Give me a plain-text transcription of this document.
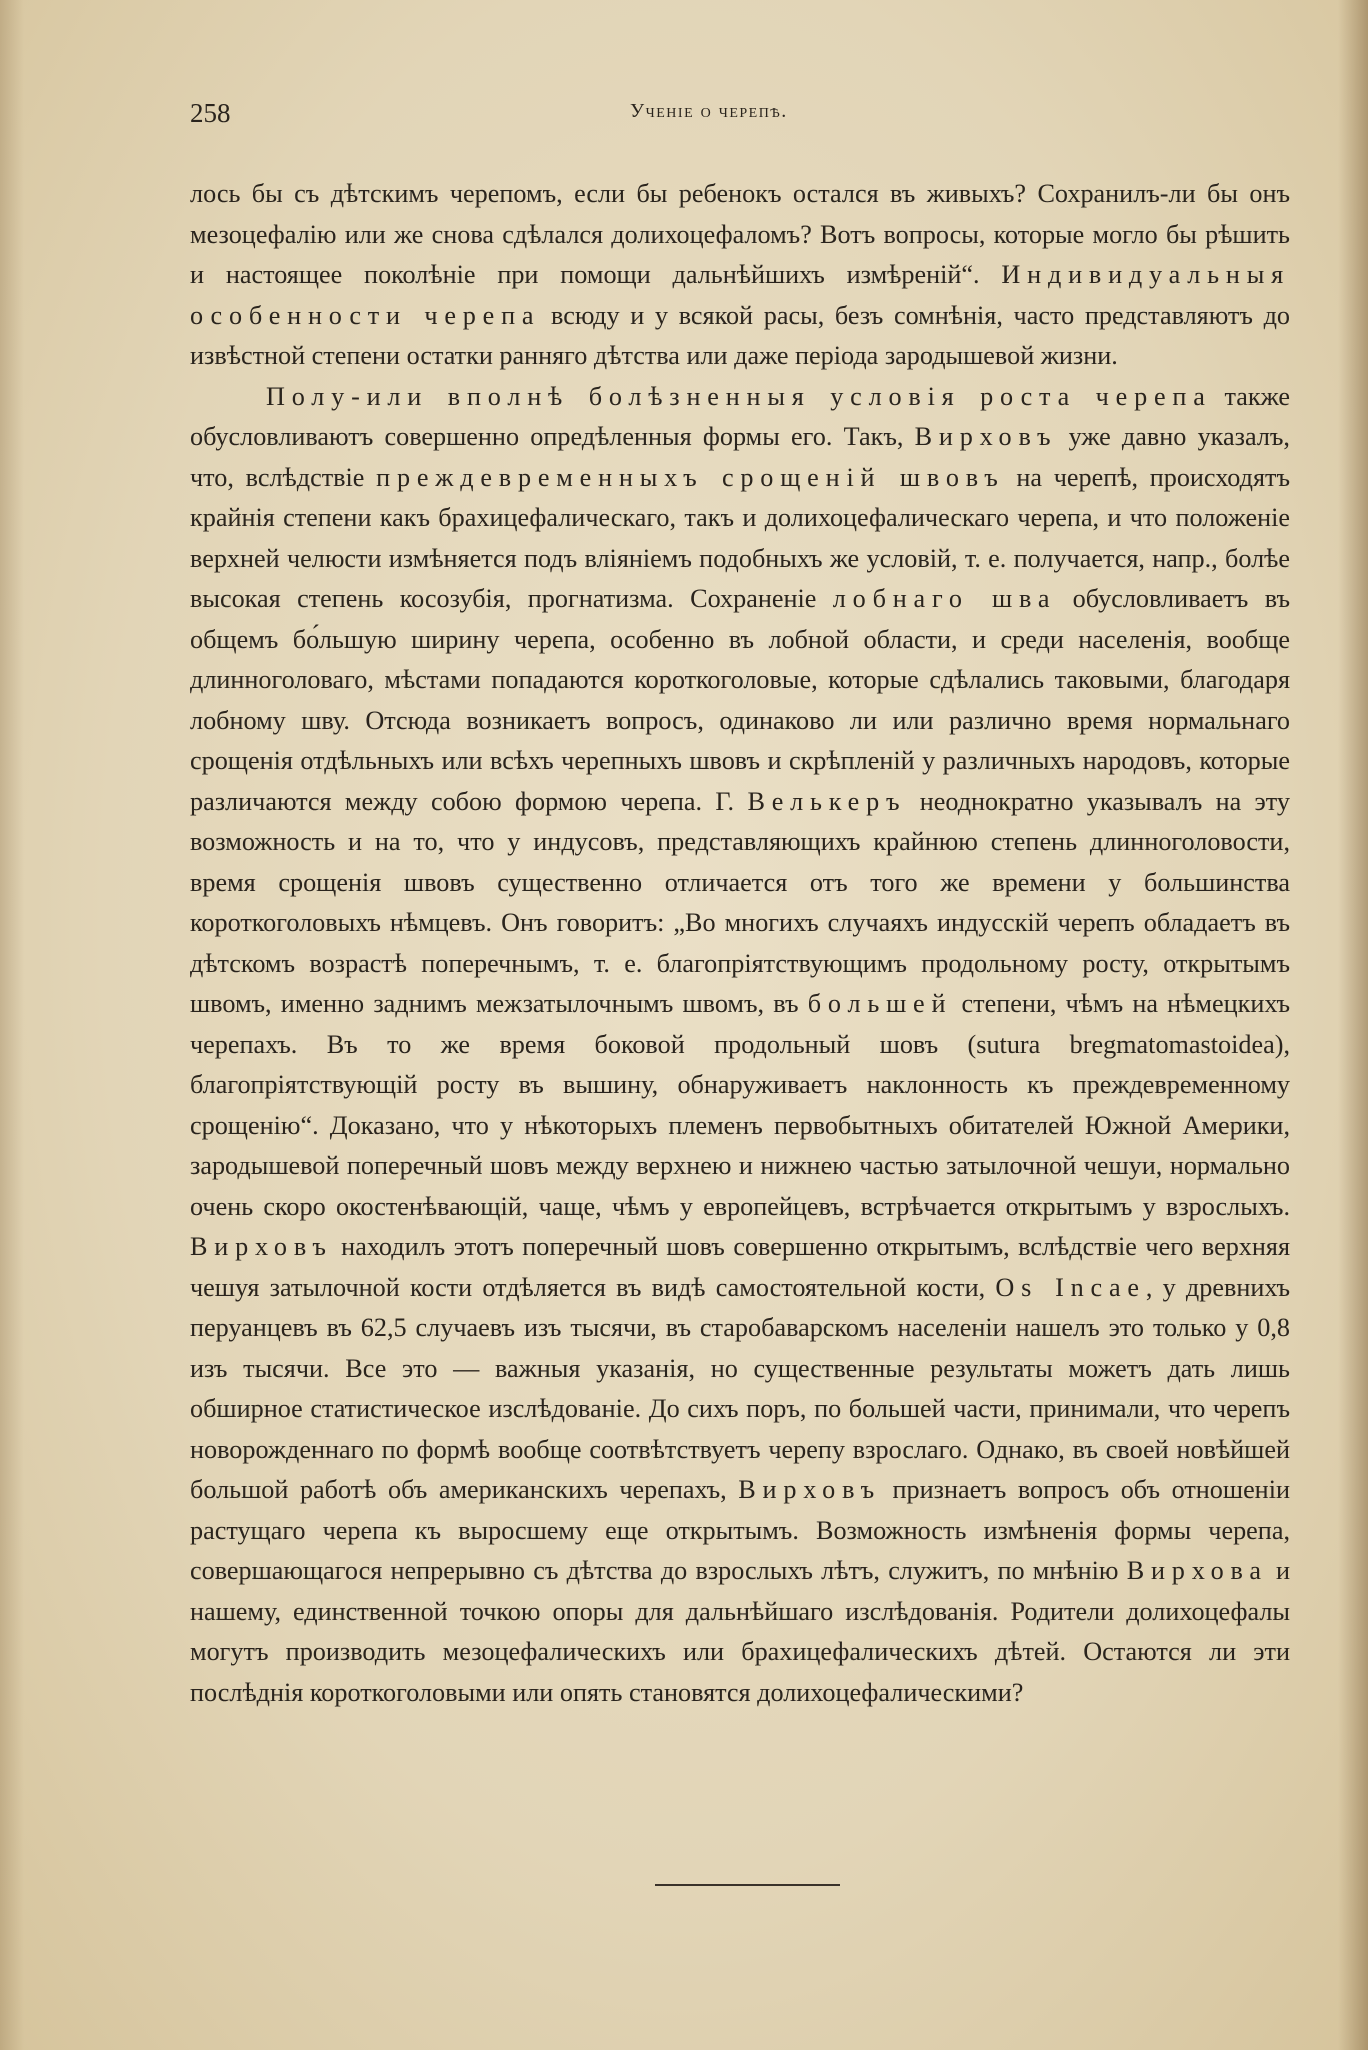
258	Ученіе о черепѣ.

лось бы съ дѣтскимъ черепомъ, если бы ребенокъ остался въ живыхъ? Сохранилъ-ли бы онъ мезоцефалію или же снова сдѣлался долихоцефаломъ? Вотъ вопросы, которые могло бы рѣшить и настоящее поколѣніе при помощи дальнѣйшихъ измѣреній“. Индивидуальныя особенности черепа всюду и у всякой расы, безъ сомнѣнія, часто представляютъ до извѣстной степени остатки ранняго дѣтства или даже періода зародышевой жизни.

Полу-или вполнѣ болѣзненныя условія роста черепа также обусловливаютъ совершенно опредѣленныя формы его. Такъ, Вирховъ уже давно указалъ, что, вслѣдствіе преждевременныхъ срощеній швовъ на черепѣ, происходятъ крайнія степени какъ брахицефалическаго, такъ и долихоцефалическаго черепа, и что положеніе верхней челюсти измѣняется подъ вліяніемъ подобныхъ же условій, т. е. получается, напр., болѣе высокая степень косозубія, прогнатизма. Сохраненіе лобнаго шва обусловливаетъ въ общемъ бо́льшую ширину черепа, особенно въ лобной области, и среди населенія, вообще длинноголоваго, мѣстами попадаются короткоголовые, которые сдѣлались таковыми, благодаря лобному шву. Отсюда возникаетъ вопросъ, одинаково ли или различно время нормальнаго срощенія отдѣльныхъ или всѣхъ черепныхъ швовъ и скрѣпленій у различныхъ народовъ, которые различаются между собою формою черепа. Г. Велькеръ неоднократно указывалъ на эту возможность и на то, что у индусовъ, представляющихъ крайнюю степень длинноголовости, время срощенія швовъ существенно отличается отъ того же времени у большинства короткоголовыхъ нѣмцевъ. Онъ говоритъ: „Во многихъ случаяхъ индусскій черепъ обладаетъ въ дѣтскомъ возрастѣ поперечнымъ, т. е. благопріятствующимъ продольному росту, открытымъ швомъ, именно заднимъ межзатылочнымъ швомъ, въ большей степени, чѣмъ на нѣмецкихъ черепахъ. Въ то же время боковой продольный шовъ (sutura bregmatomastoidea), благопріятствующій росту въ вышину, обнаруживаетъ наклонность къ преждевременному срощенію“. Доказано, что у нѣкоторыхъ племенъ первобытныхъ обитателей Южной Америки, зародышевой поперечный шовъ между верхнею и нижнею частью затылочной чешуи, нормально очень скоро окостенѣвающій, чаще, чѣмъ у европейцевъ, встрѣчается открытымъ у взрослыхъ. Вирховъ находилъ этотъ поперечный шовъ совершенно открытымъ, вслѣдствіе чего верхняя чешуя затылочной кости отдѣляется въ видѣ самостоятельной кости, Os Incae, у древнихъ перуанцевъ въ 62,5 случаевъ изъ тысячи, въ старобаварскомъ населеніи нашелъ это только у 0,8 изъ тысячи. Все это — важныя указанія, но существенные результаты можетъ дать лишь обширное статистическое изслѣдованіе. До сихъ поръ, по большей части, принимали, что черепъ новорожденнаго по формѣ вообще соотвѣтствуетъ черепу взрослаго. Однако, въ своей новѣйшей большой работѣ объ американскихъ черепахъ, Вирховъ признаетъ вопросъ объ отношеніи растущаго черепа къ выросшему еще открытымъ. Возможность измѣненія формы черепа, совершающагося непрерывно съ дѣтства до взрослыхъ лѣтъ, служитъ, по мнѣнію Вирхова и нашему, единственной точкою опоры для дальнѣйшаго изслѣдованія. Родители долихоцефалы могутъ производить мезоцефалическихъ или брахицефалическихъ дѣтей. Остаются ли эти послѣднія короткоголовыми или опять становятся долихоцефалическими?
